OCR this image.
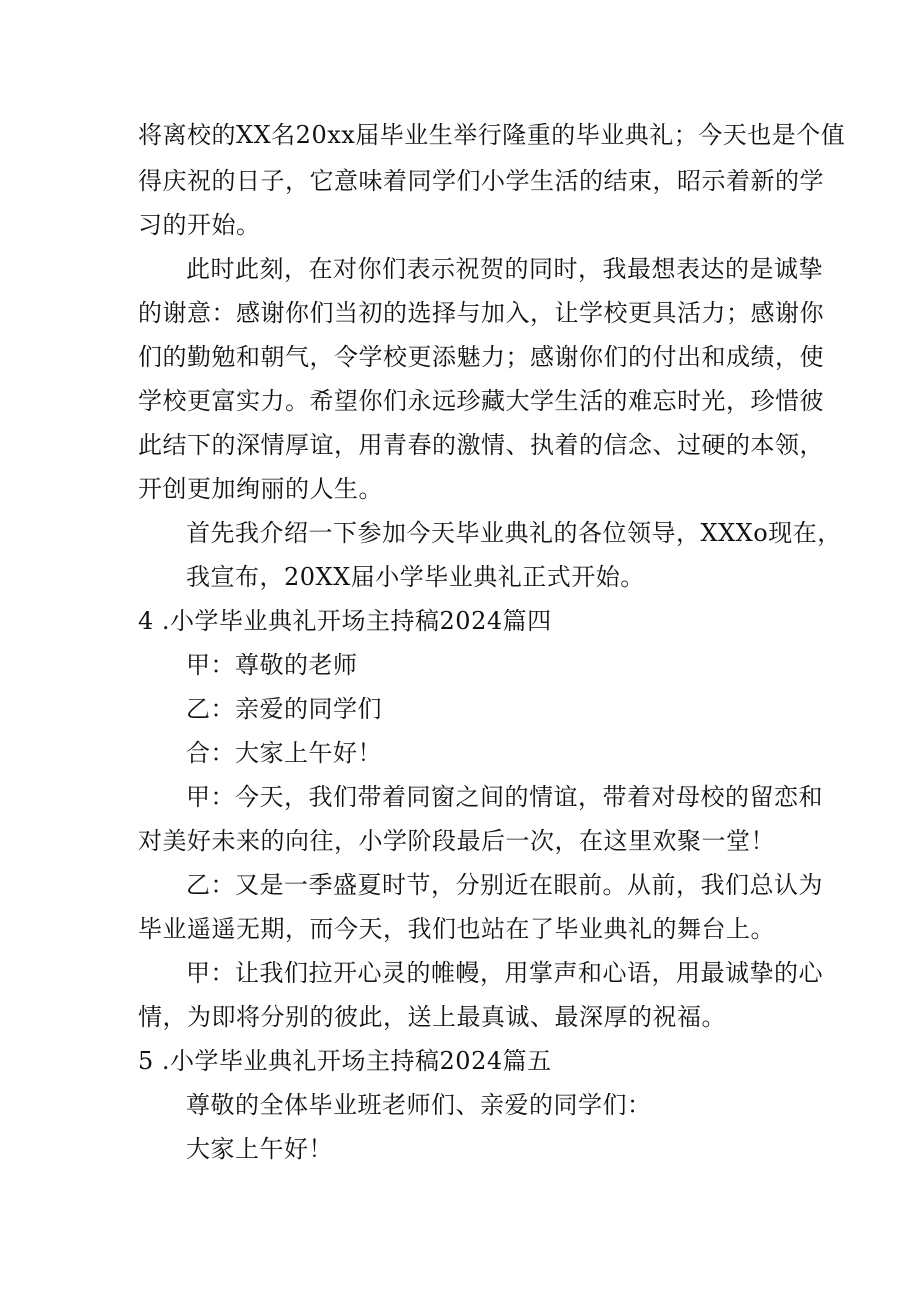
将离校的XX名20xx届毕业生举行隆重的毕业典礼；今天也是个值
得庆祝的日子，它意味着同学们小学生活的结束，昭示着新的学
习的开始。
此时此刻，在对你们表示祝贺的同时，我最想表达的是诚挚
的谢意：感谢你们当初的选择与加入，让学校更具活力；感谢你
们的勤勉和朝气，令学校更添魅力；感谢你们的付出和成绩，使
学校更富实力。希望你们永远珍藏大学生活的难忘时光，珍惜彼
此结下的深情厚谊，用青春的激情、执着的信念、过硬的本领，
开创更加绚丽的人生。
首先我介绍一下参加今天毕业典礼的各位领导，XXXo现在，
我宣布，20XX届小学毕业典礼正式开始。
4 .小学毕业典礼开场主持稿2024篇四
甲：尊敬的老师
乙：亲爱的同学们
合：大家上午好！
甲：今天，我们带着同窗之间的情谊，带着对母校的留恋和
对美好未来的向往，小学阶段最后一次，在这里欢聚一堂！
乙：又是一季盛夏时节，分别近在眼前。从前，我们总认为
毕业遥遥无期，而今天，我们也站在了毕业典礼的舞台上。
甲：让我们拉开心灵的帷幔，用掌声和心语，用最诚挚的心
情，为即将分别的彼此，送上最真诚、最深厚的祝福。
5 .小学毕业典礼开场主持稿2024篇五
尊敬的全体毕业班老师们、亲爱的同学们：
大家上午好！
